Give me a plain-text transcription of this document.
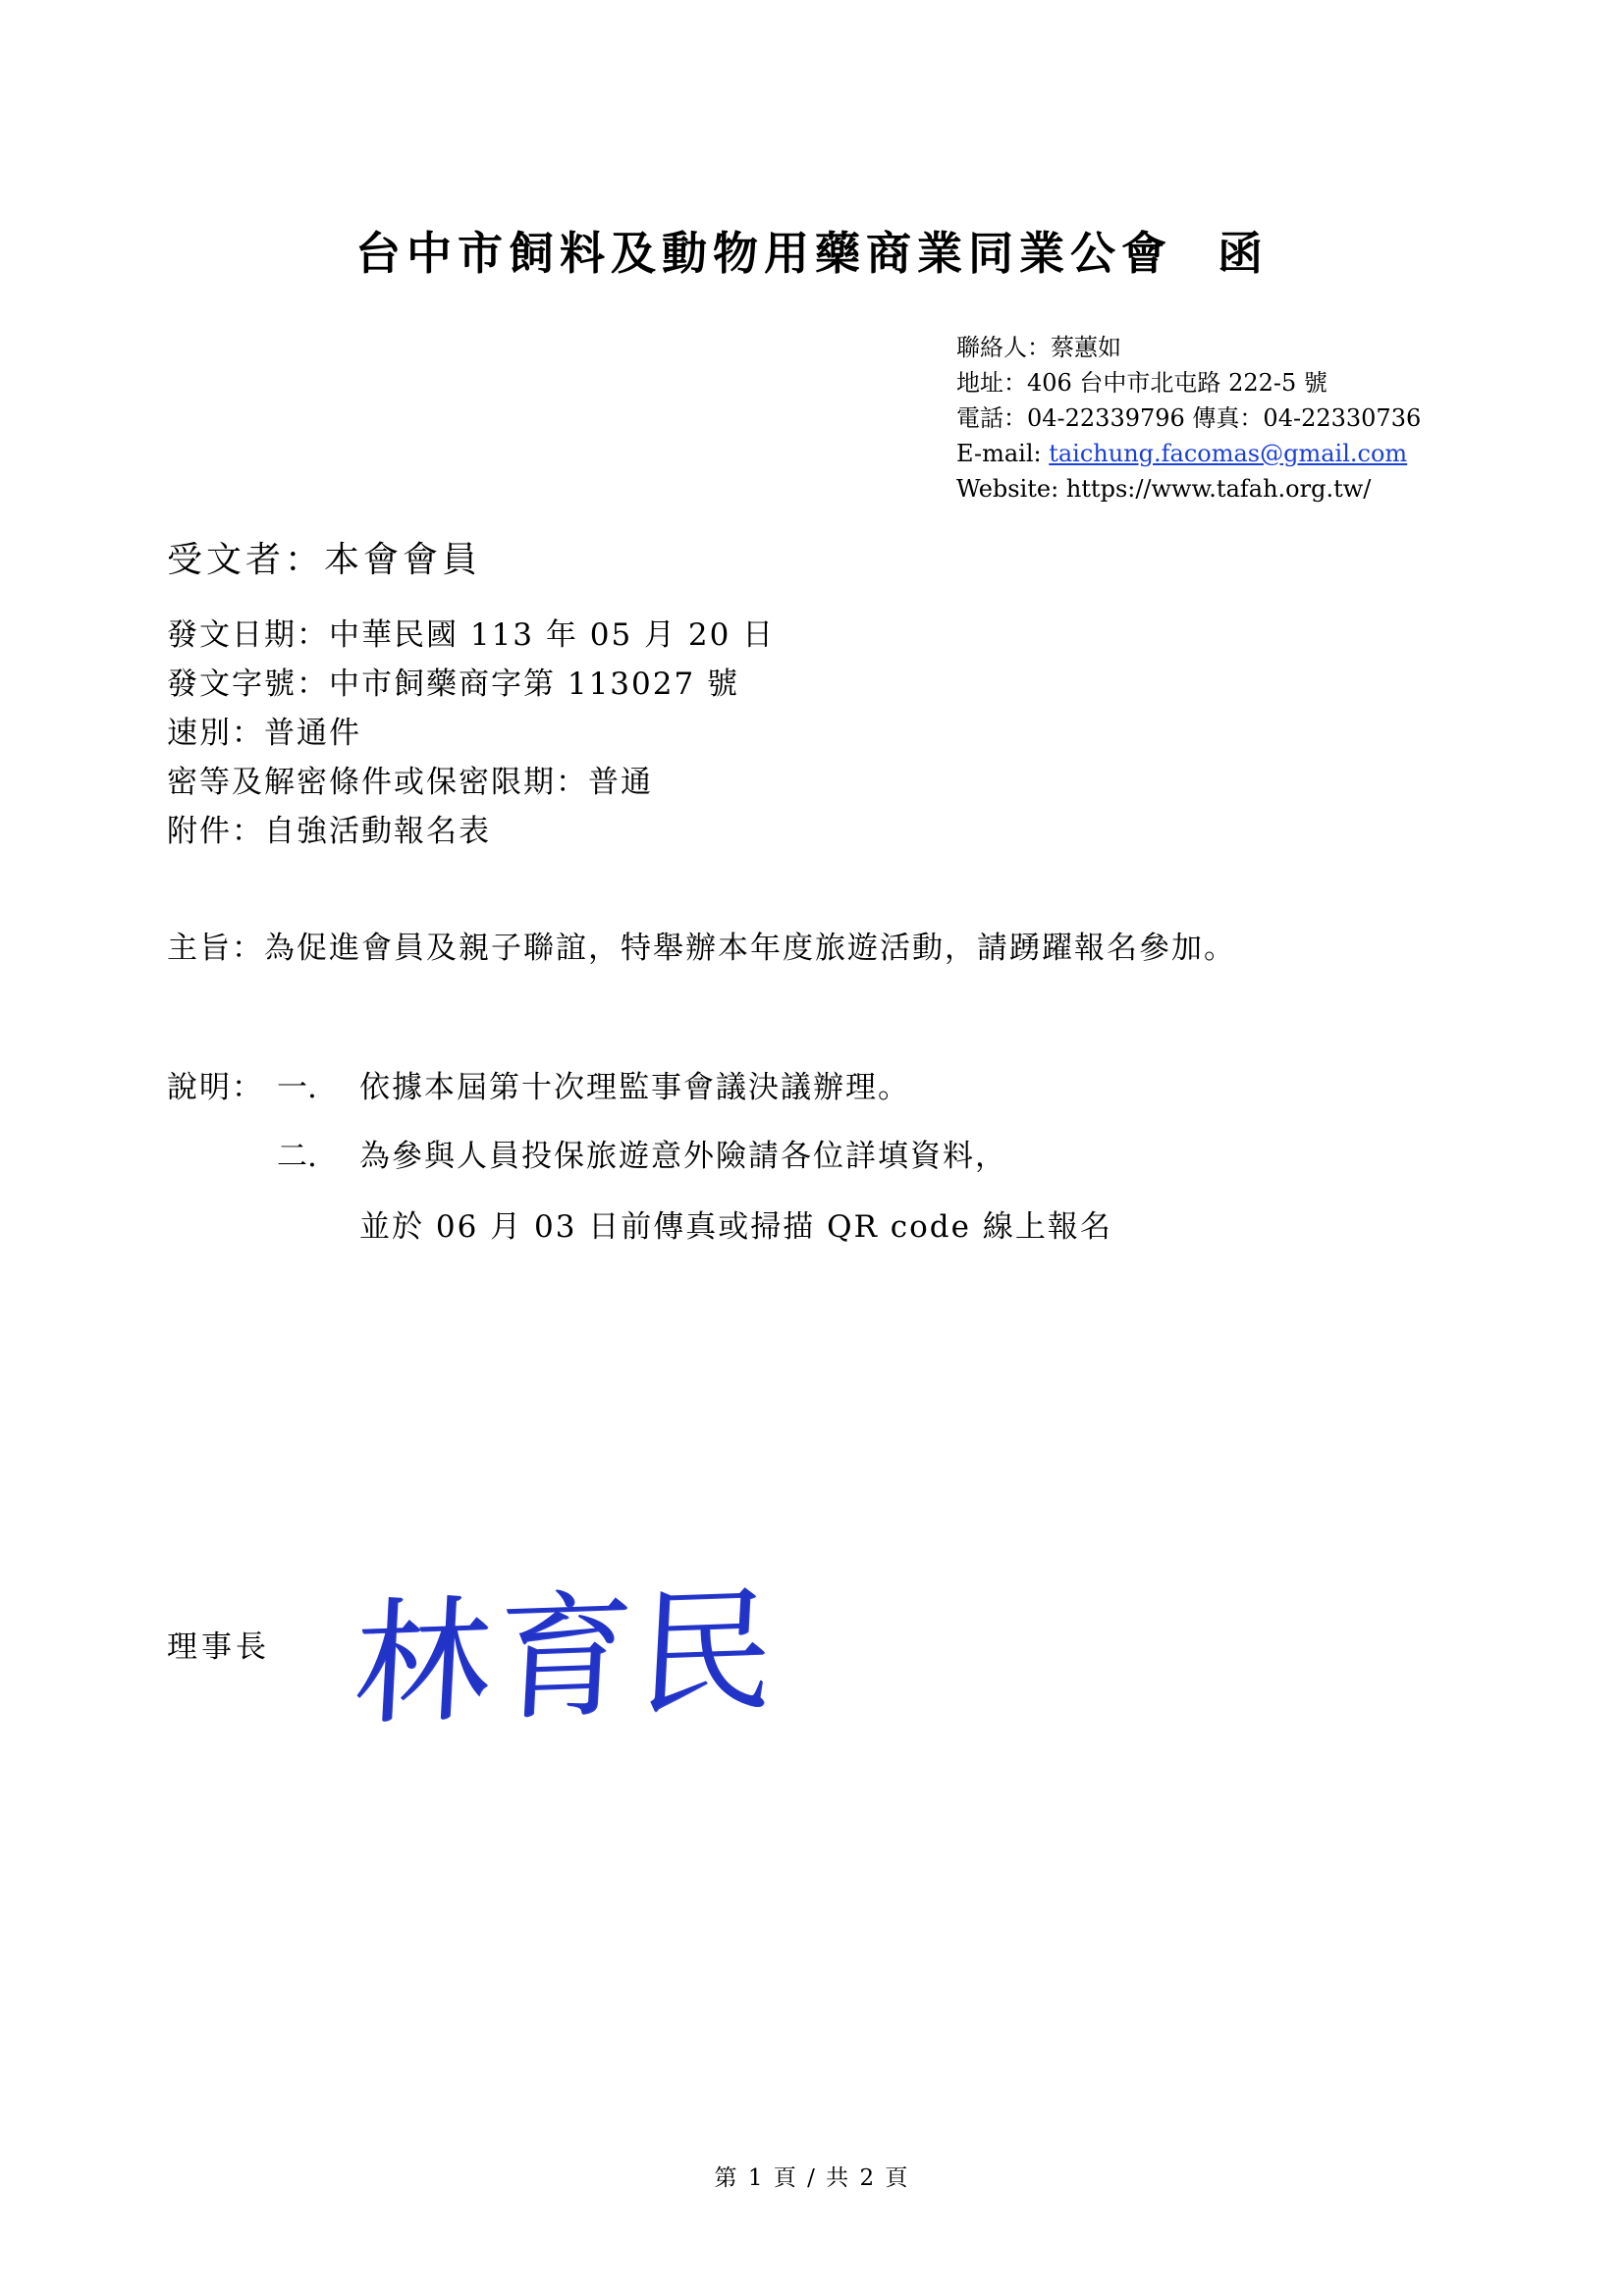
台中市飼料及動物用藥商業同業公會 函
聯絡人：蔡蕙如
地址：406 台中市北屯路 222-5 號
電話：04-22339796 傳真：04-22330736
E-mail: taichung.facomas@gmail.com
Website: https://www.tafah.org.tw/
受文者：本會會員
發文日期：中華民國 113 年 05 月 20 日
發文字號：中市飼藥商字第 113027 號
速別：普通件
密等及解密條件或保密限期：普通
附件：自強活動報名表
主旨：為促進會員及親子聯誼，特舉辦本年度旅遊活動，請踴躍報名參加。
說明： 一. 依據本屆第十次理監事會議決議辦理。
二. 為參與人員投保旅遊意外險請各位詳填資料，
並於 06 月 03 日前傳真或掃描 QR code 線上報名
理事長 林育民
第 1 頁 / 共 2 頁
